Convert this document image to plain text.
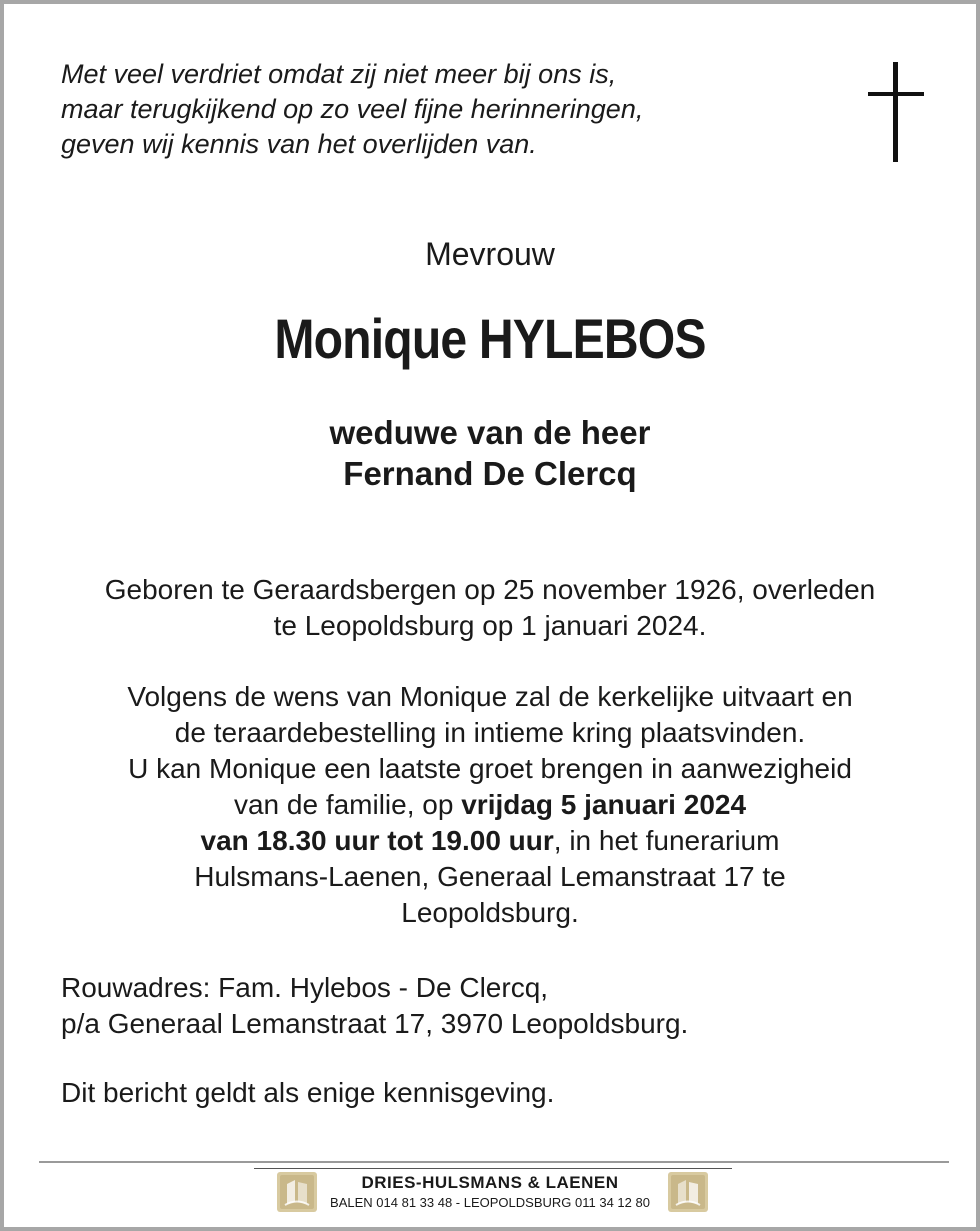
Met veel verdriet omdat zij niet meer bij ons is,
maar terugkijkend op zo veel fijne herinneringen,
geven wij kennis van het overlijden van.
Mevrouw
Monique HYLEBOS
weduwe van de heer
Fernand De Clercq
Geboren te Geraardsbergen op 25 november 1926, overleden
te Leopoldsburg op 1 januari 2024.
Volgens de wens van Monique zal de kerkelijke uitvaart en
de teraardebestelling in intieme kring plaatsvinden.
U kan Monique een laatste groet brengen in aanwezigheid
van de familie, op vrijdag 5 januari 2024
van 18.30 uur tot 19.00 uur, in het funerarium
Hulsmans-Laenen, Generaal Lemanstraat 17 te
Leopoldsburg.
Rouwadres: Fam. Hylebos - De Clercq,
p/a Generaal Lemanstraat 17, 3970 Leopoldsburg.
Dit bericht geldt als enige kennisgeving.
DRIES-HULSMANS & LAENEN
BALEN 014 81 33 48 - LEOPOLDSBURG 011 34 12 80
